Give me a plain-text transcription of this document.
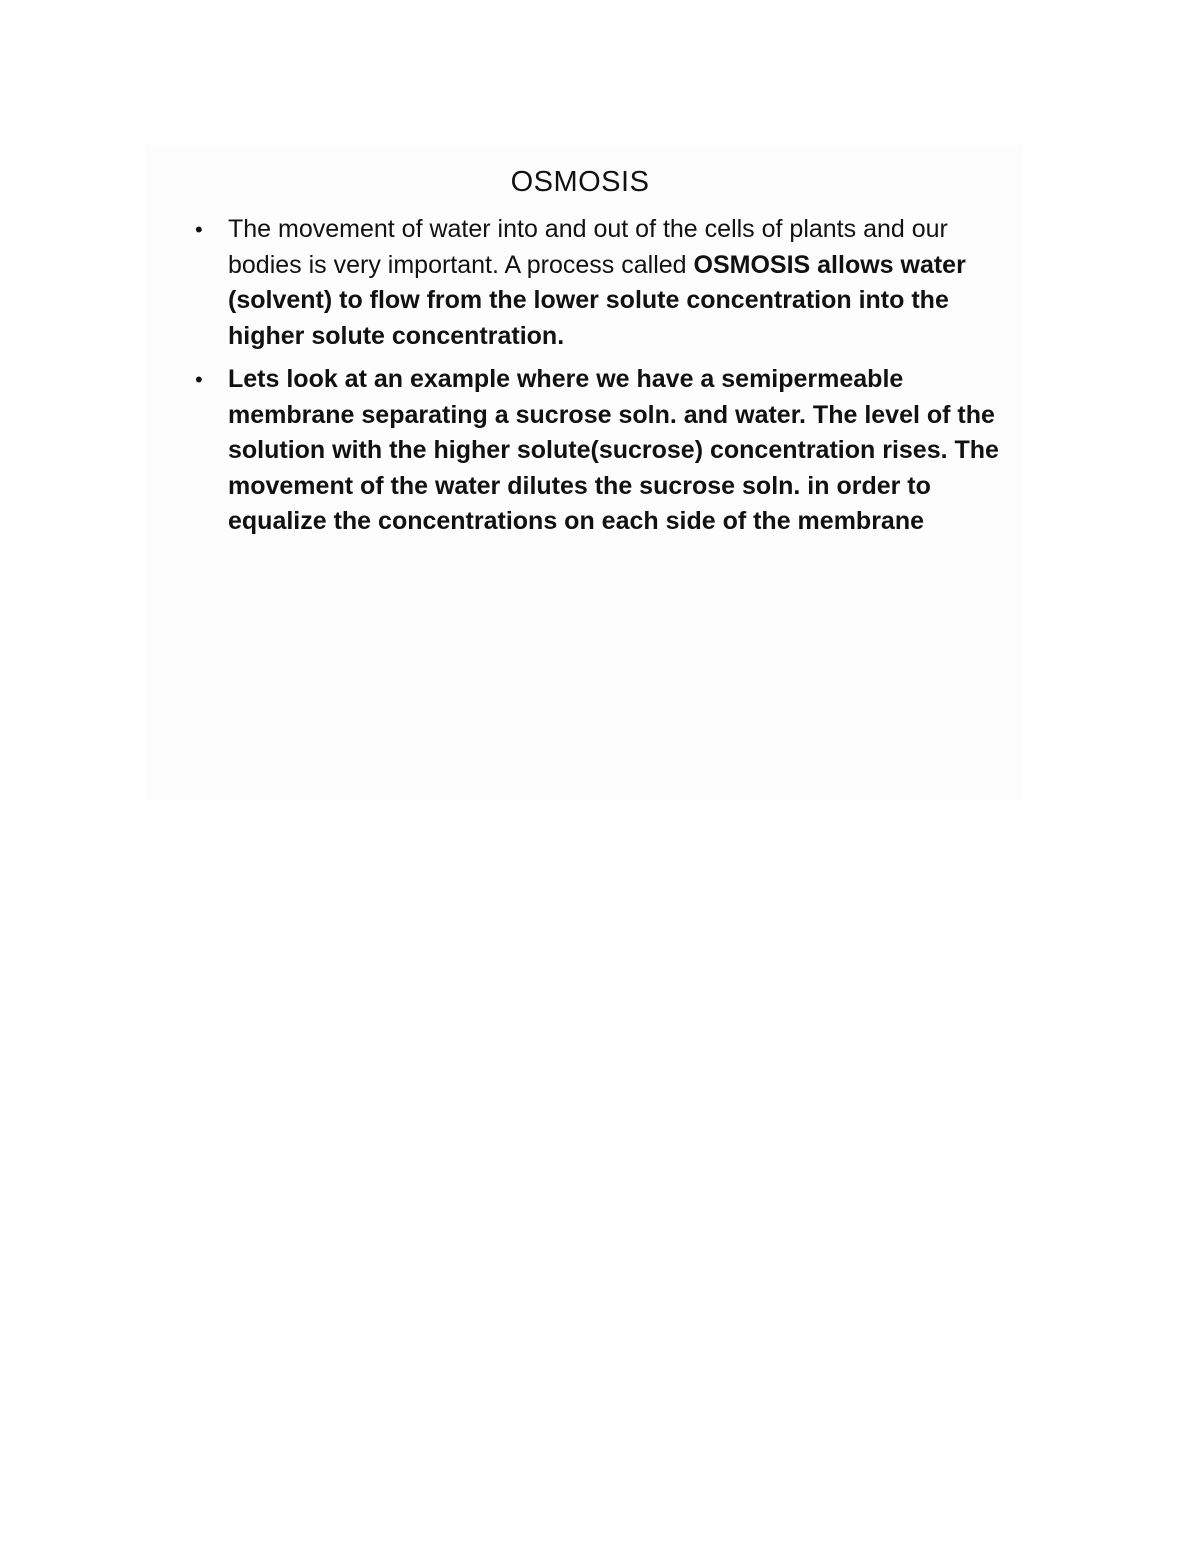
OSMOSIS
• The movement of water into and out of the cells of plants and our bodies is very important. A process called OSMOSIS allows water (solvent) to flow from the lower solute concentration into the higher solute concentration.
• Lets look at an example where we have a semipermeable membrane separating a sucrose soln. and water. The level of the solution with the higher solute(sucrose) concentration rises. The movement of the water dilutes the sucrose soln. in order to equalize the concentrations on each side of the membrane
